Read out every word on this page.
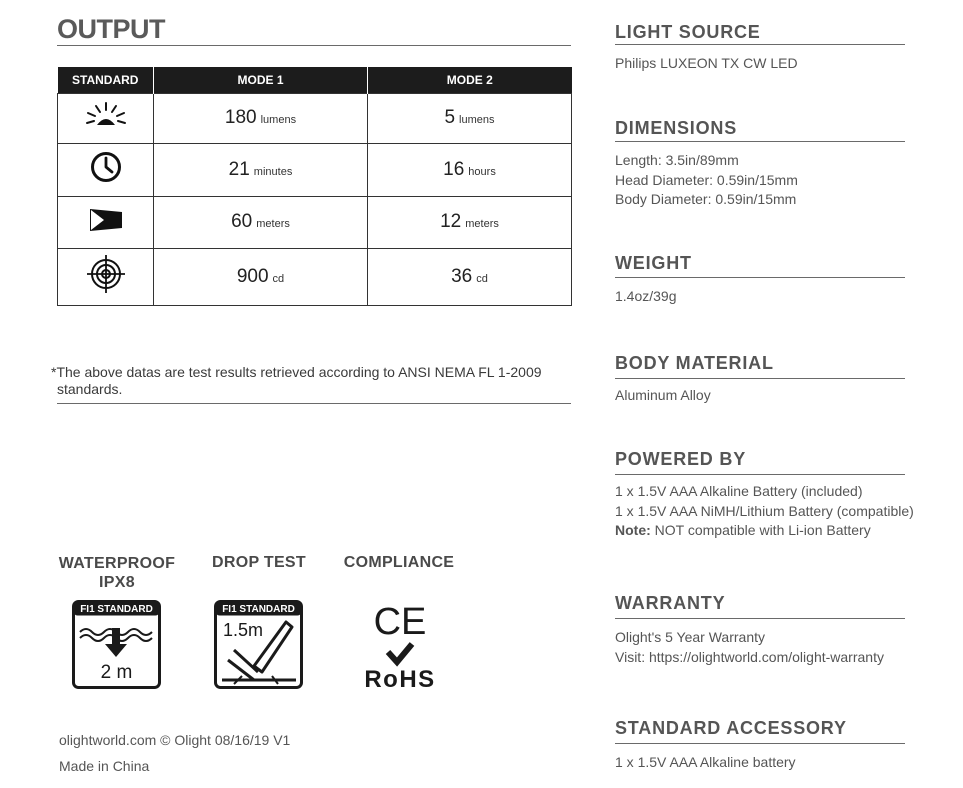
OUTPUT
STANDARD	MODE 1	MODE 2
	180 lumens	5 lumens
	21 minutes	16 hours
	60 meters	12 meters
	900 cd	36 cd
*The above datas are test results retrieved according to ANSI NEMA FL 1-2009
standards.
WATERPROOF
IPX8
FI1 STANDARD
2 m
DROP TEST
FI1 STANDARD
1.5m
COMPLIANCE
CE
RoHS
olightworld.com © Olight 08/16/19 V1
Made in China
LIGHT SOURCE
Philips LUXEON TX CW LED
DIMENSIONS
Length: 3.5in/89mm
Head Diameter: 0.59in/15mm
Body Diameter: 0.59in/15mm
WEIGHT
1.4oz/39g
BODY MATERIAL
Aluminum Alloy
POWERED BY
1 x 1.5V AAA Alkaline Battery (included)
1 x 1.5V AAA NiMH/Lithium Battery (compatible)
Note: NOT compatible with Li-ion Battery
WARRANTY
Olight's 5 Year Warranty
Visit: https://olightworld.com/olight-warranty
STANDARD ACCESSORY
1 x 1.5V AAA Alkaline battery
